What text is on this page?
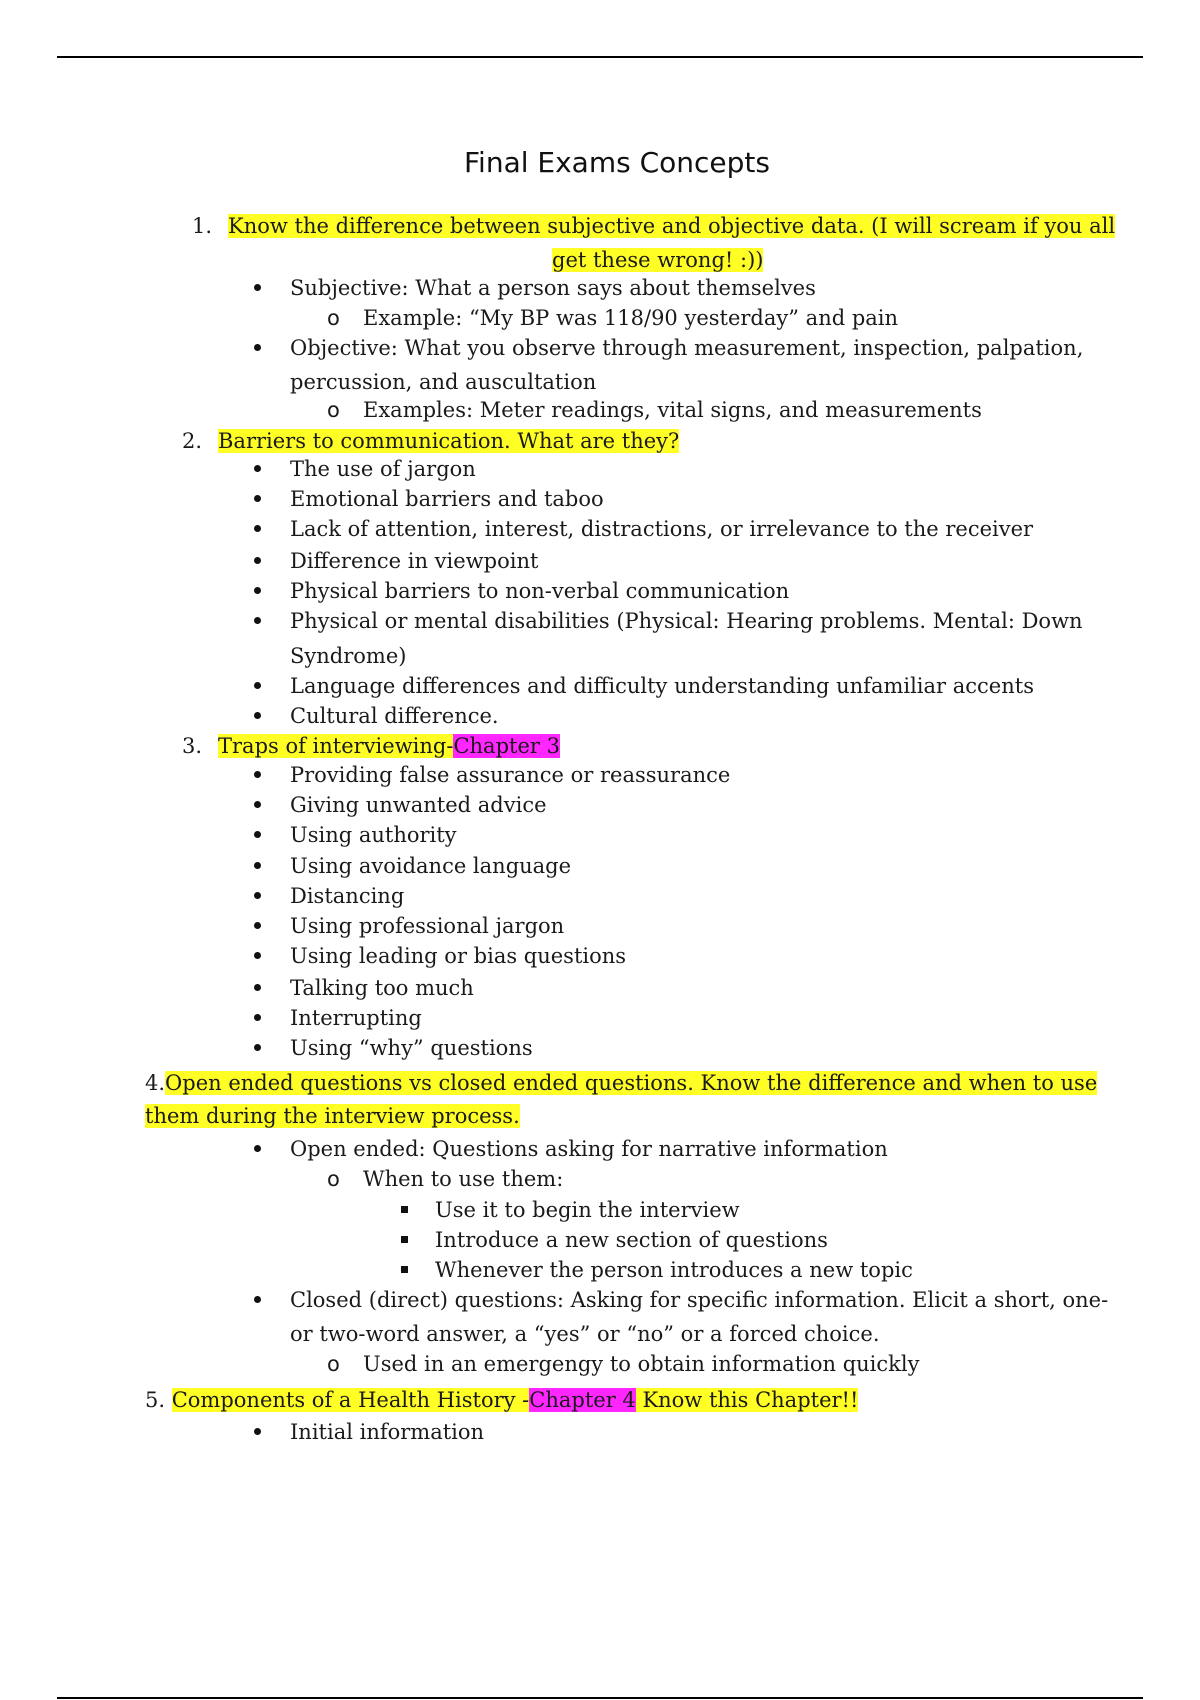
Final Exams Concepts
1. Know the difference between subjective and objective data. (I will scream if you all
get these wrong! :))
Subjective: What a person says about themselves
o Example: “My BP was 118/90 yesterday” and pain
Objective: What you observe through measurement, inspection, palpation,
percussion, and auscultation
o Examples: Meter readings, vital signs, and measurements
2. Barriers to communication. What are they?
The use of jargon
Emotional barriers and taboo
Lack of attention, interest, distractions, or irrelevance to the receiver
Difference in viewpoint
Physical barriers to non-verbal communication
Physical or mental disabilities (Physical: Hearing problems. Mental: Down
Syndrome)
Language differences and difficulty understanding unfamiliar accents
Cultural difference.
3. Traps of interviewing-Chapter 3
Providing false assurance or reassurance
Giving unwanted advice
Using authority
Using avoidance language
Distancing
Using professional jargon
Using leading or bias questions
Talking too much
Interrupting
Using “why” questions
4.Open ended questions vs closed ended questions. Know the difference and when to use
them during the interview process.
Open ended: Questions asking for narrative information
o When to use them:
Use it to begin the interview
Introduce a new section of questions
Whenever the person introduces a new topic
Closed (direct) questions: Asking for specific information. Elicit a short, one-
or two-word answer, a “yes” or “no” or a forced choice.
o Used in an emergengy to obtain information quickly
5. Components of a Health History -Chapter 4 Know this Chapter!!
Initial information
